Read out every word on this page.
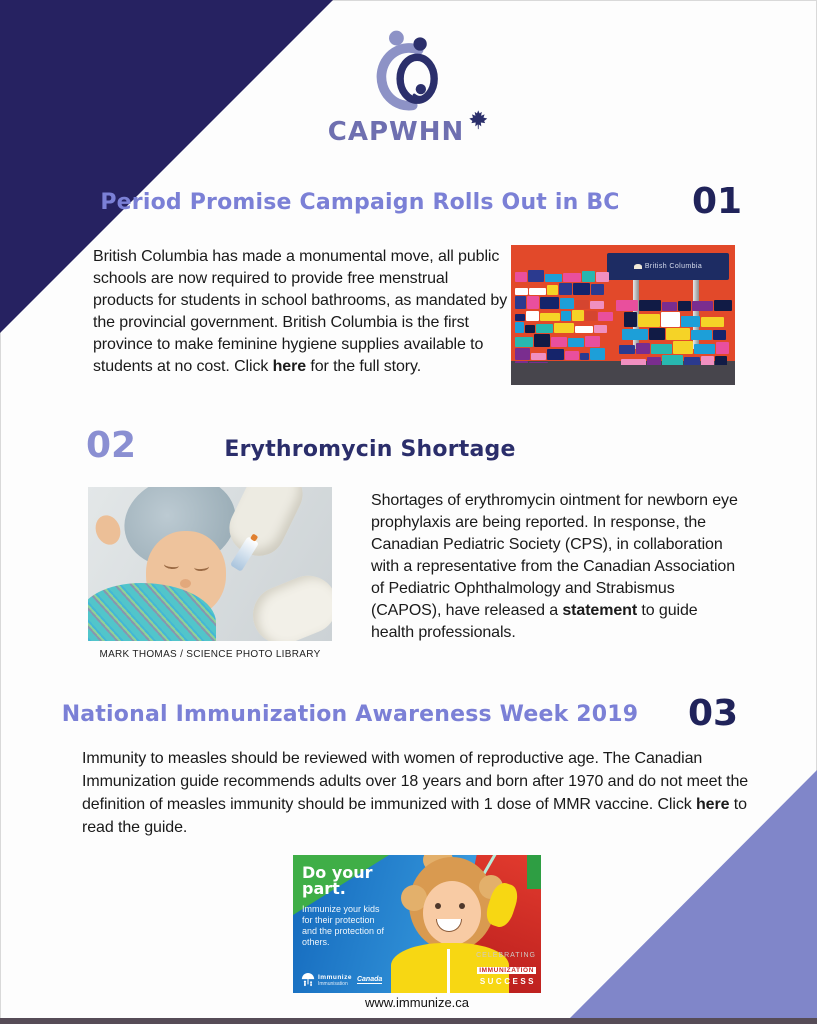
CAPWHN
Period Promise Campaign Rolls Out in BC 01

British Columbia has made a monumental move, all public schools are now required to provide free menstrual products for students in school bathrooms, as mandated by the provincial government. British Columbia is the first province to make feminine hygiene supplies available to students at no cost. Click here for the full story.

British Columbia
02	Erythromycin Shortage
MARK THOMAS / SCIENCE PHOTO LIBRARY

Shortages of erythromycin ointment for newborn eye prophylaxis are being reported. In response, the Canadian Pediatric Society (CPS), in collaboration with a representative from the Canadian Association of Pediatric Ophthalmology and Strabismus (CAPOS), have released a statement to guide health professionals.

National Immunization Awareness Week 2019 03

Immunity to measles should be reviewed with women of reproductive age. The Canadian Immunization guide recommends adults over 18 years and born after 1970 and do not meet the definition of measles immunity should be immunized with 1 dose of MMR vaccine. Click here to read the guide.

Do your part.
Immunize your kids for their protection and the protection of others.
Immunize
Immunisation
Canada
CELEBRATING
IMMUNIZATION
SUCCESS
www.immunize.ca
